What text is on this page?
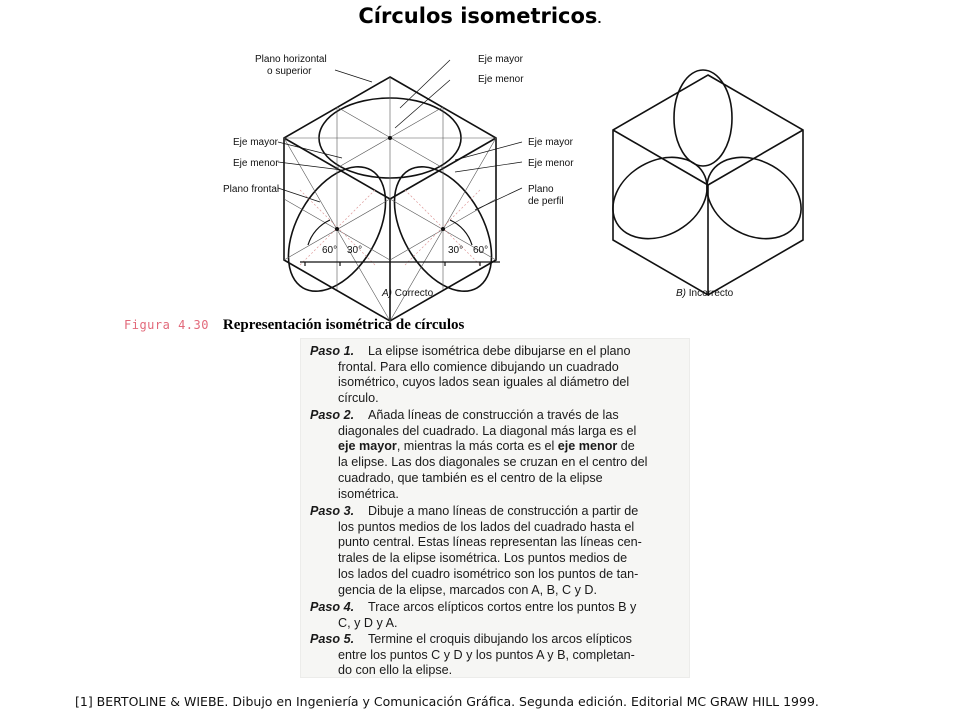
Círculos isometricos.
Plano horizontal
o superior
Eje mayor
Eje menor
Plano frontal
Eje mayor
Eje menor
Eje mayor
Eje menor
Plano
de perfil
60° 30°	30° 60°
A) Correcto	B) Incorrecto
Figura 4.30 Representación isométrica de círculos
Paso 1. La elipse isométrica debe dibujarse en el plano
frontal. Para ello comience dibujando un cuadrado
isométrico, cuyos lados sean iguales al diámetro del
círculo.
Paso 2. Añada líneas de construcción a través de las
diagonales del cuadrado. La diagonal más larga es el
eje mayor, mientras la más corta es el eje menor de
la elipse. Las dos diagonales se cruzan en el centro del
cuadrado, que también es el centro de la elipse
isométrica.
Paso 3. Dibuje a mano líneas de construcción a partir de
los puntos medios de los lados del cuadrado hasta el
punto central. Estas líneas representan las líneas cen-
trales de la elipse isométrica. Los puntos medios de
los lados del cuadro isométrico son los puntos de tan-
gencia de la elipse, marcados con A, B, C y D.
Paso 4. Trace arcos elípticos cortos entre los puntos B y
C, y D y A.
Paso 5. Termine el croquis dibujando los arcos elípticos
entre los puntos C y D y los puntos A y B, completan-
do con ello la elipse.
[1] BERTOLINE & WIEBE. Dibujo en Ingeniería y Comunicación Gráfica. Segunda edición. Editorial MC GRAW HILL 1999.
